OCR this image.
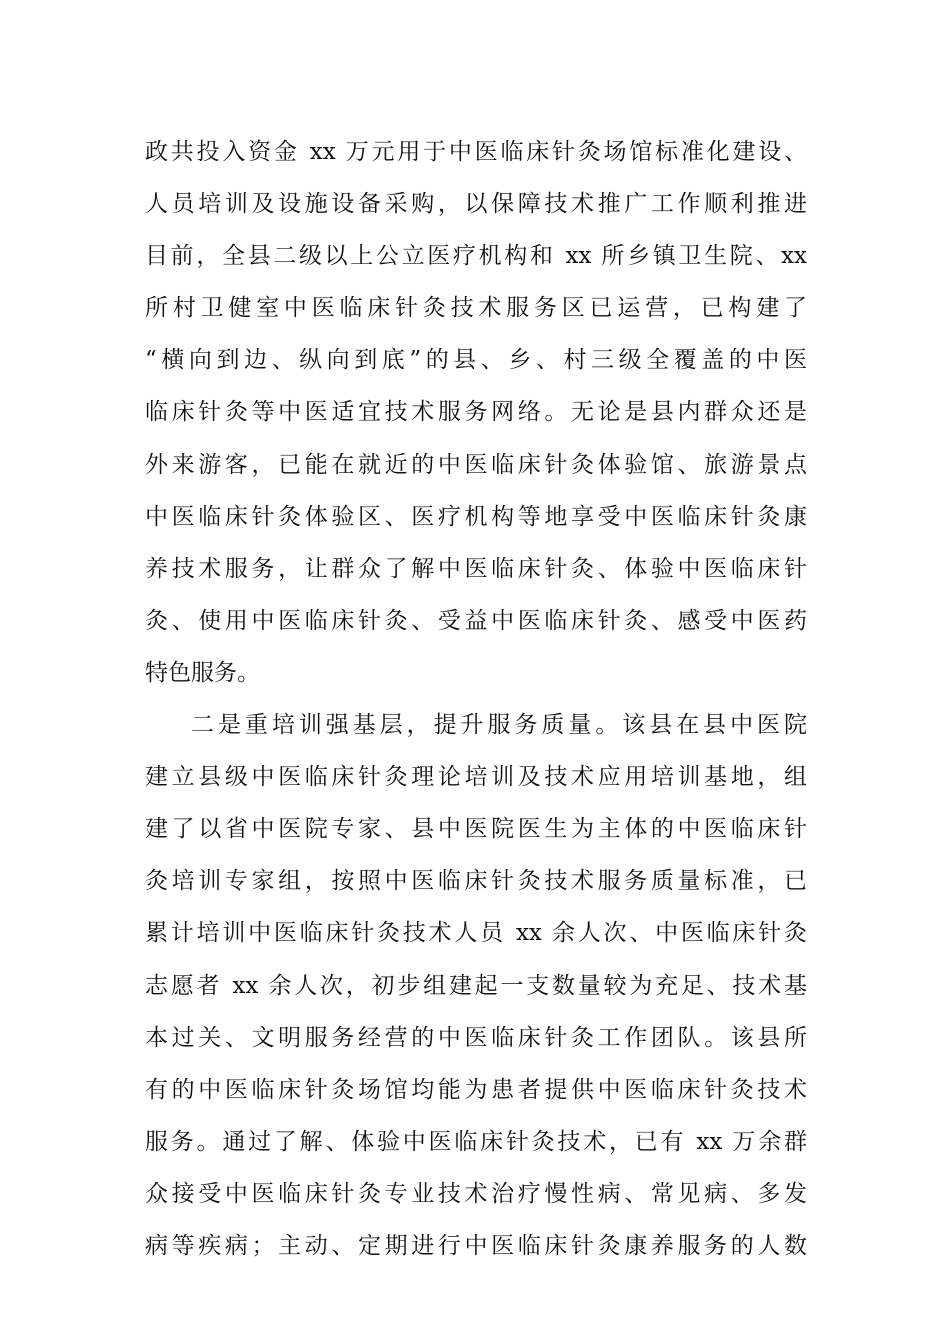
政共投入资金 xx 万元用于中医临床针灸场馆标准化建设、
人员培训及设施设备采购，以保障技术推广工作顺利推进
目前，全县二级以上公立医疗机构和 xx 所乡镇卫生院、xx
所村卫健室中医临床针灸技术服务区已运营，已构建了
“横向到边、纵向到底”的县、乡、村三级全覆盖的中医
临床针灸等中医适宜技术服务网络。无论是县内群众还是
外来游客，已能在就近的中医临床针灸体验馆、旅游景点
中医临床针灸体验区、医疗机构等地享受中医临床针灸康
养技术服务，让群众了解中医临床针灸、体验中医临床针
灸、使用中医临床针灸、受益中医临床针灸、感受中医药
特色服务。
二是重培训强基层，提升服务质量。该县在县中医院
建立县级中医临床针灸理论培训及技术应用培训基地，组
建了以省中医院专家、县中医院医生为主体的中医临床针
灸培训专家组，按照中医临床针灸技术服务质量标准，已
累计培训中医临床针灸技术人员 xx 余人次、中医临床针灸
志愿者 xx 余人次，初步组建起一支数量较为充足、技术基
本过关、文明服务经营的中医临床针灸工作团队。该县所
有的中医临床针灸场馆均能为患者提供中医临床针灸技术
服务。通过了解、体验中医临床针灸技术，已有 xx 万余群
众接受中医临床针灸专业技术治疗慢性病、常见病、多发
病等疾病；主动、定期进行中医临床针灸康养服务的人数
